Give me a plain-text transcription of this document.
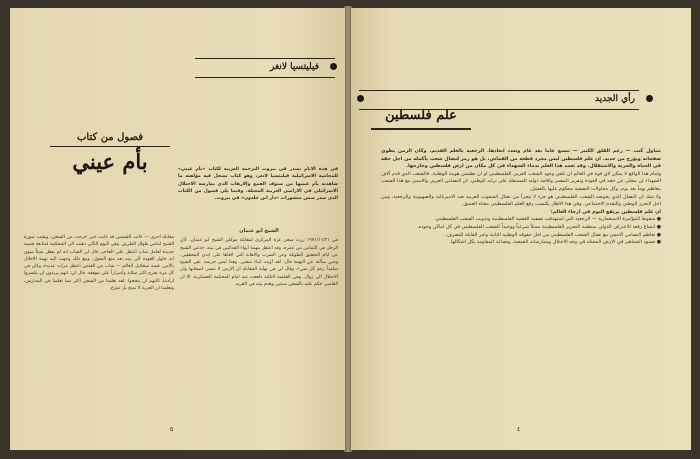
فيليتسيا لانغر
فصول من كتاب
بأم عيني	في هذه الايام تصدر في بيروت الترجمة العربية لكتاب «بأم عيني» للمحامية الاسرائيلية فيليتسيا لانغر، وهو كتاب تسجل فيه مؤلفته ما شاهدته بأم عينيها من صنوف القمع والارهاب الذي يمارسه الاحتلال الاسرائيلي في الاراضي العربية المحتلة. وفيما يلي فصول من الكتاب الذي صدر ضمن منشورات «دار ابن خلدون» في بيروت.
الشيخ ابو عثمان
في ١٩٧١/١١/٢١ زرت سجن غزة المركزي لمقابلة موكلي الشيخ ابو عثمان. كان الرجل في الثمانين من عمره، وقد اعتقل بتهمة ايواء الفدائيين في بيته. حدثني الشيخ عن ايام التحقيق الطويلة وعن الضرب والاهانة التي لاقاها على ايدي المحققين. وحين سألته عن التهمة قال: لقد آويت ابناء شعبي، وهذا ليس جريمة. بقي الشيخ صامداً رغم كل شيء، وقال لي في نهاية المقابلة ان الارض لا تنسى اصحابها وان الاحتلال الى زوال. وفي الجلسة التالية دافعت عنه امام المحكمة العسكرية، الا ان القاضي حكم عليه بالسجن سنتين وهدم بيته في القرية.
مقابلة اخرى — كانت الشمس قد غابت حين خرجت من السجن، وبقيت صورة الشيخ امامي طوال الطريق. وفي اليوم التالي ذهبت الى المحكمة لمتابعة قضية جديدة لعامل شاب اعتقل على الحاجز. قال لي الشاب انه لم يفعل شيئاً سوى انه حاول العودة الى بيته بعد منع التجول. ومع ذلك وجهت اليه تهمة الاخلال بالامن. قصة ميخائيل العالم — شاب من القدس اعتقل مرات عديدة، وكان في كل مرة يخرج اكثر صلابة واصراراً على موقفه. قال لي: انهم يريدون ان يكسروا ارادتنا، لكنهم لن ينجحوا. لقد تعلمنا من السجن اكثر مما تعلمنا في المدارس، وتعلمنا ان الحرية لا تمنح بل تنتزع.
٥
رأي الجديد
علم فلسطين
تتناول كتب — رغم القلق الكبير — تتسع عاماً بعد عام وتعدد ابعادها. الرجعية بالعلم القديم، وكان الزمن يطوي صفحاته ويؤرخ من جديد. ان علم فلسطين ليس مجرد قطعة من القماش، بل هو رمز لنضال شعب بأكمله من اجل حقه في الحياة والحرية والاستقلال. وقد تعمد هذا العلم بدماء الشهداء في كل مكان من ارض فلسطين وخارجها.
وامام هذا الواقع لا يمكن لاي قوة في العالم ان تلغي وجود الشعب العربي الفلسطيني او ان تطمس هويته الوطنية. فالشعب الذي قدم آلاف الشهداء لن يتخلى عن حقه في العودة وتقرير المصير واقامة دولته المستقلة على ترابه الوطني. ان التضامن العربي والاممي مع هذا الشعب يتعاظم يوماً بعد يوم، وكل محاولات التصفية محكوم عليها بالفشل.
ولا شك ان النضال الذي يخوضه الشعب الفلسطيني هو جزء لا يتجزأ من نضال الشعوب العربية ضد الامبريالية والصهيونية والرجعية، ومن اجل التحرر الوطني والتقدم الاجتماعي. وفي هذا الاطار يكتسب رفع العلم الفلسطيني معناه العميق.
ان علم فلسطين يرتفع اليوم في ارجاء العالم:
● سقوط المؤامرة الاستعمارية — الرجعية التي استهدفت تصفية القضية الفلسطينية وتذويب الشعب الفلسطيني.
● اتساع رقعة الاعتراف الدولي بمنظمة التحرير الفلسطينية ممثلاً شرعياً ووحيداً للشعب الفلسطيني في كل اماكن وجوده.
● تعاظم التضامن الاممي مع نضال الشعب الفلسطيني من اجل حقوقه الوطنية الثابتة وغير القابلة للتصرف.
● صمود الجماهير في الارض المحتلة في وجه الاحتلال وممارساته القمعية، وتصاعد المقاومة بكل اشكالها.
٤
